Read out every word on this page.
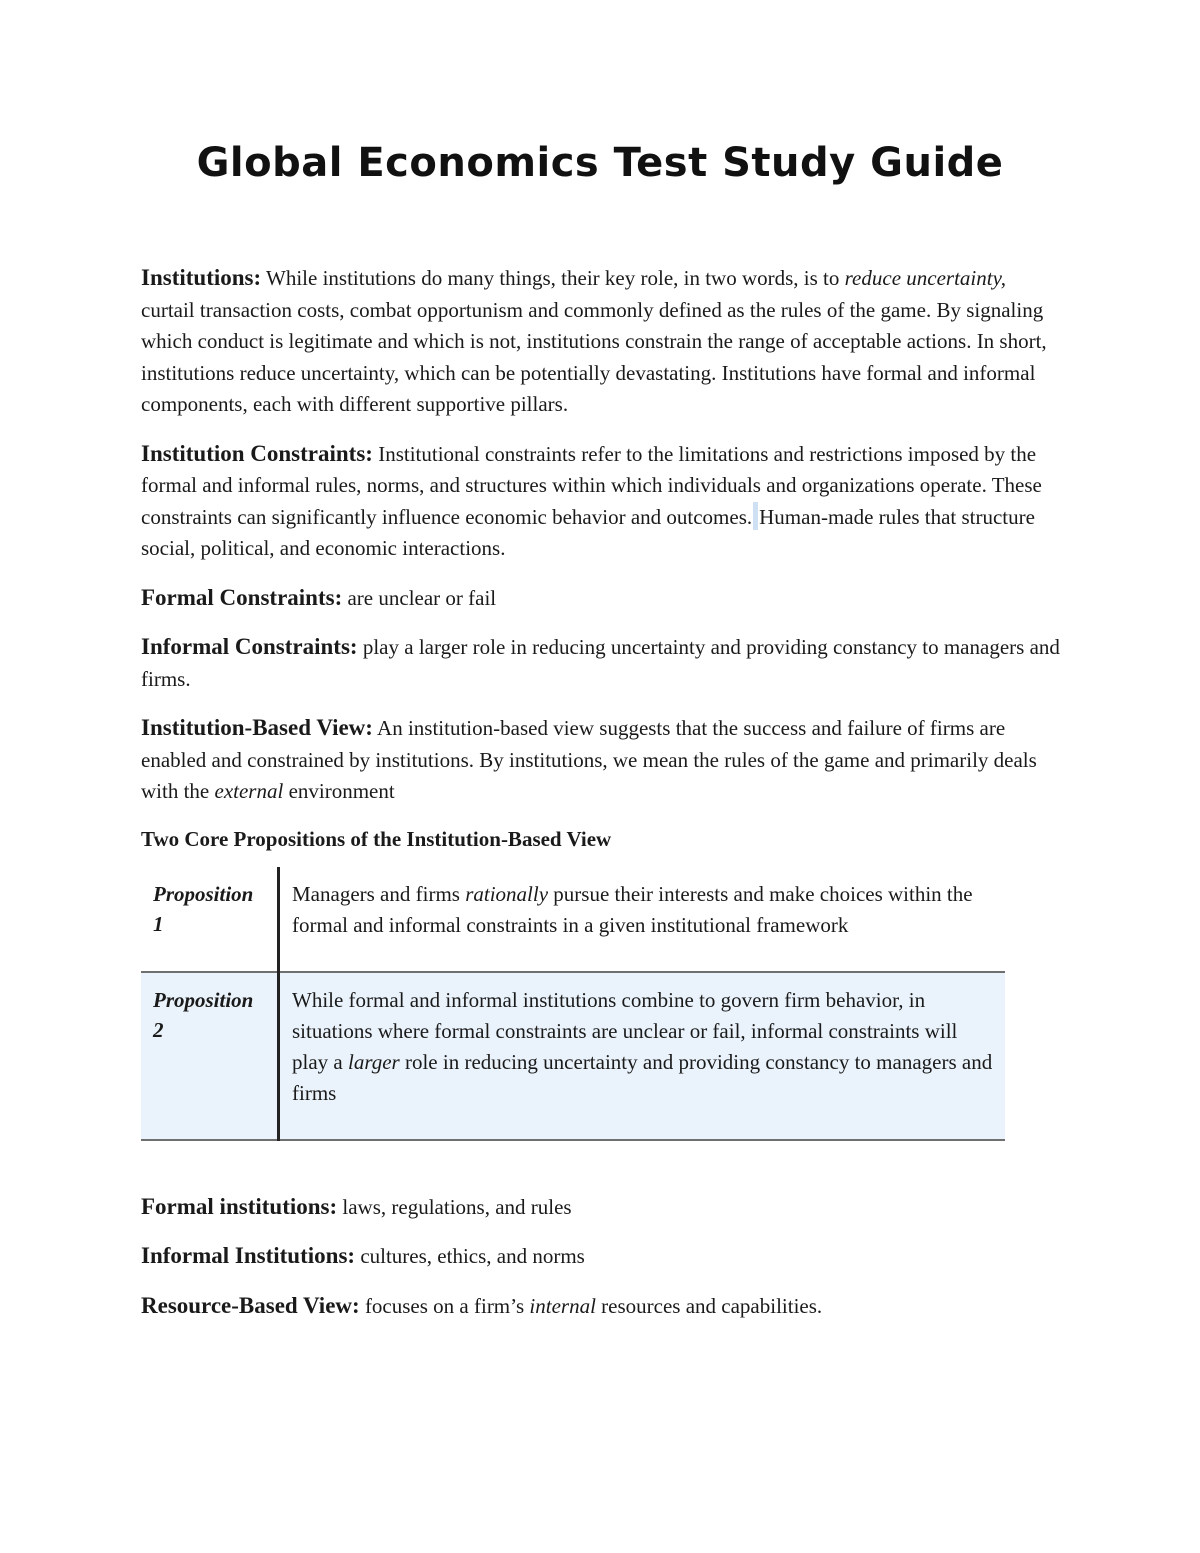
Global Economics Test Study Guide

Institutions: While institutions do many things, their key role, in two words, is to reduce uncertainty, curtail transaction costs, combat opportunism and commonly defined as the rules of the game. By signaling which conduct is legitimate and which is not, institutions constrain the range of acceptable actions. In short, institutions reduce uncertainty, which can be potentially devastating. Institutions have formal and informal components, each with different supportive pillars.

Institution Constraints: Institutional constraints refer to the limitations and restrictions imposed by the formal and informal rules, norms, and structures within which individuals and organizations operate. These constraints can significantly influence economic behavior and outcomes. Human-made rules that structure social, political, and economic interactions.

Formal Constraints: are unclear or fail

Informal Constraints: play a larger role in reducing uncertainty and providing constancy to managers and firms.

Institution-Based View: An institution-based view suggests that the success and failure of firms are enabled and constrained by institutions. By institutions, we mean the rules of the game and primarily deals with the external environment

Two Core Propositions of the Institution-Based View
Proposition 1	Managers and firms rationally pursue their interests and make choices within the formal and informal constraints in a given institutional framework
Proposition 2	While formal and informal institutions combine to govern firm behavior, in situations where formal constraints are unclear or fail, informal constraints will play a larger role in reducing uncertainty and providing constancy to managers and firms

Formal institutions: laws, regulations, and rules

Informal Institutions: cultures, ethics, and norms

Resource-Based View: focuses on a firm’s internal resources and capabilities.
